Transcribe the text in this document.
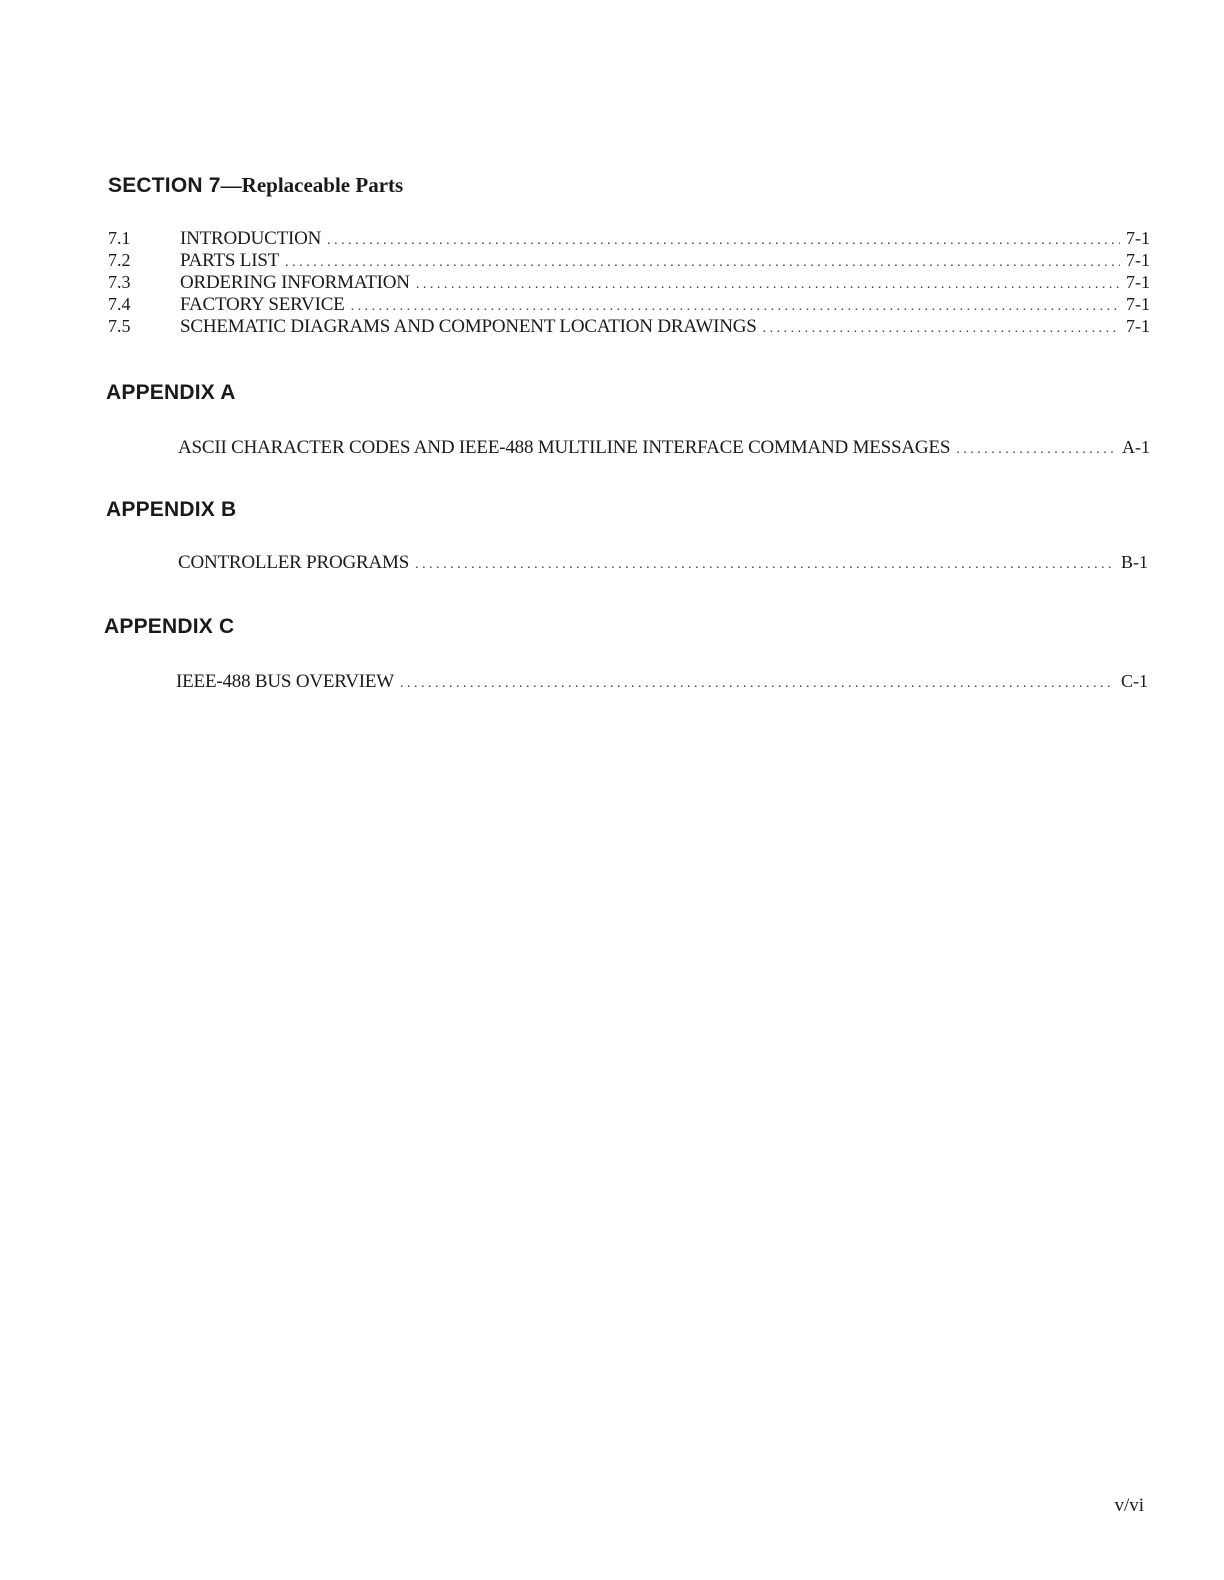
SECTION 7—Replaceable Parts
7.1	INTRODUCTION . . .	7-1
7.2	PARTS LIST . . .	7-1
7.3	ORDERING INFORMATION . . .	7-1
7.4	FACTORY SERVICE . . .	7-1
7.5	SCHEMATIC DIAGRAMS AND COMPONENT LOCATION DRAWINGS . . .	7-1
APPENDIX A
ASCII CHARACTER CODES AND IEEE-488 MULTILINE INTERFACE COMMAND MESSAGES . . .	A-1
APPENDIX B
CONTROLLER PROGRAMS . . .	B-1
APPENDIX C
IEEE-488 BUS OVERVIEW . . .	C-1
v/vi
